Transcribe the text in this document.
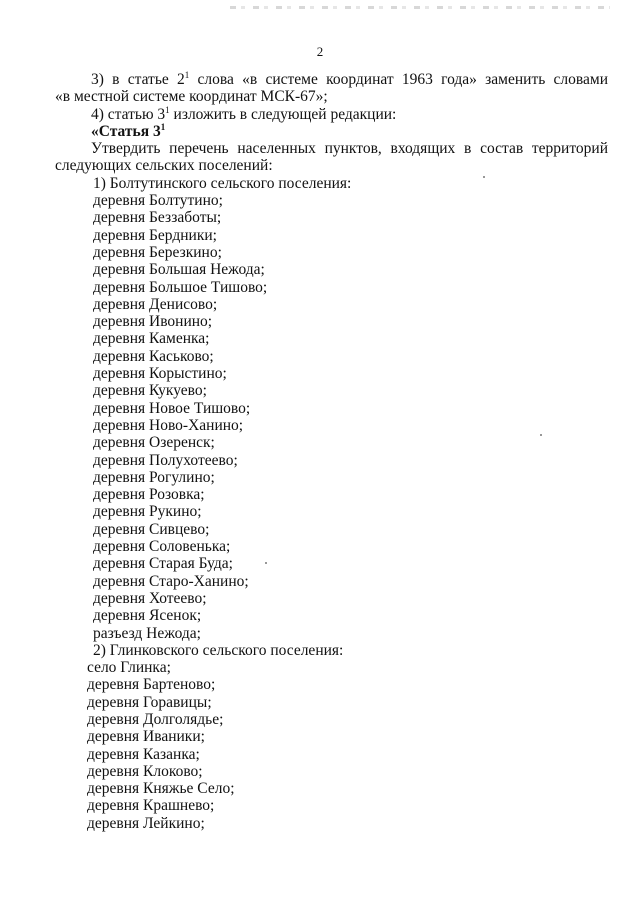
2
3) в статье $2^1$ слова «в системе координат 1963 года» заменить словами
«в местной системе координат МСК-67»;
4) статью $3^1$ изложить в следующей редакции:
«Статья $3^1$
Утвердить перечень населенных пунктов, входящих в состав территорий
следующих сельских поселений:
1) Болтутинского сельского поселения:
деревня Болтутино;
деревня Беззаботы;
деревня Бердники;
деревня Березкино;
деревня Большая Нежода;
деревня Большое Тишово;
деревня Денисово;
деревня Ивонино;
деревня Каменка;
деревня Каськово;
деревня Корыстино;
деревня Кукуево;
деревня Новое Тишово;
деревня Ново-Ханино;
деревня Озеренск;
деревня Полухотеево;
деревня Рогулино;
деревня Розовка;
деревня Рукино;
деревня Сивцево;
деревня Соловенька;
деревня Старая Буда;
деревня Старо-Ханино;
деревня Хотеево;
деревня Ясенок;
разъезд Нежода;
2) Глинковского сельского поселения:
село Глинка;
деревня Бартеново;
деревня Горавицы;
деревня Долголядье;
деревня Иваники;
деревня Казанка;
деревня Клоково;
деревня Княжье Село;
деревня Крашнево;
деревня Лейкино;
